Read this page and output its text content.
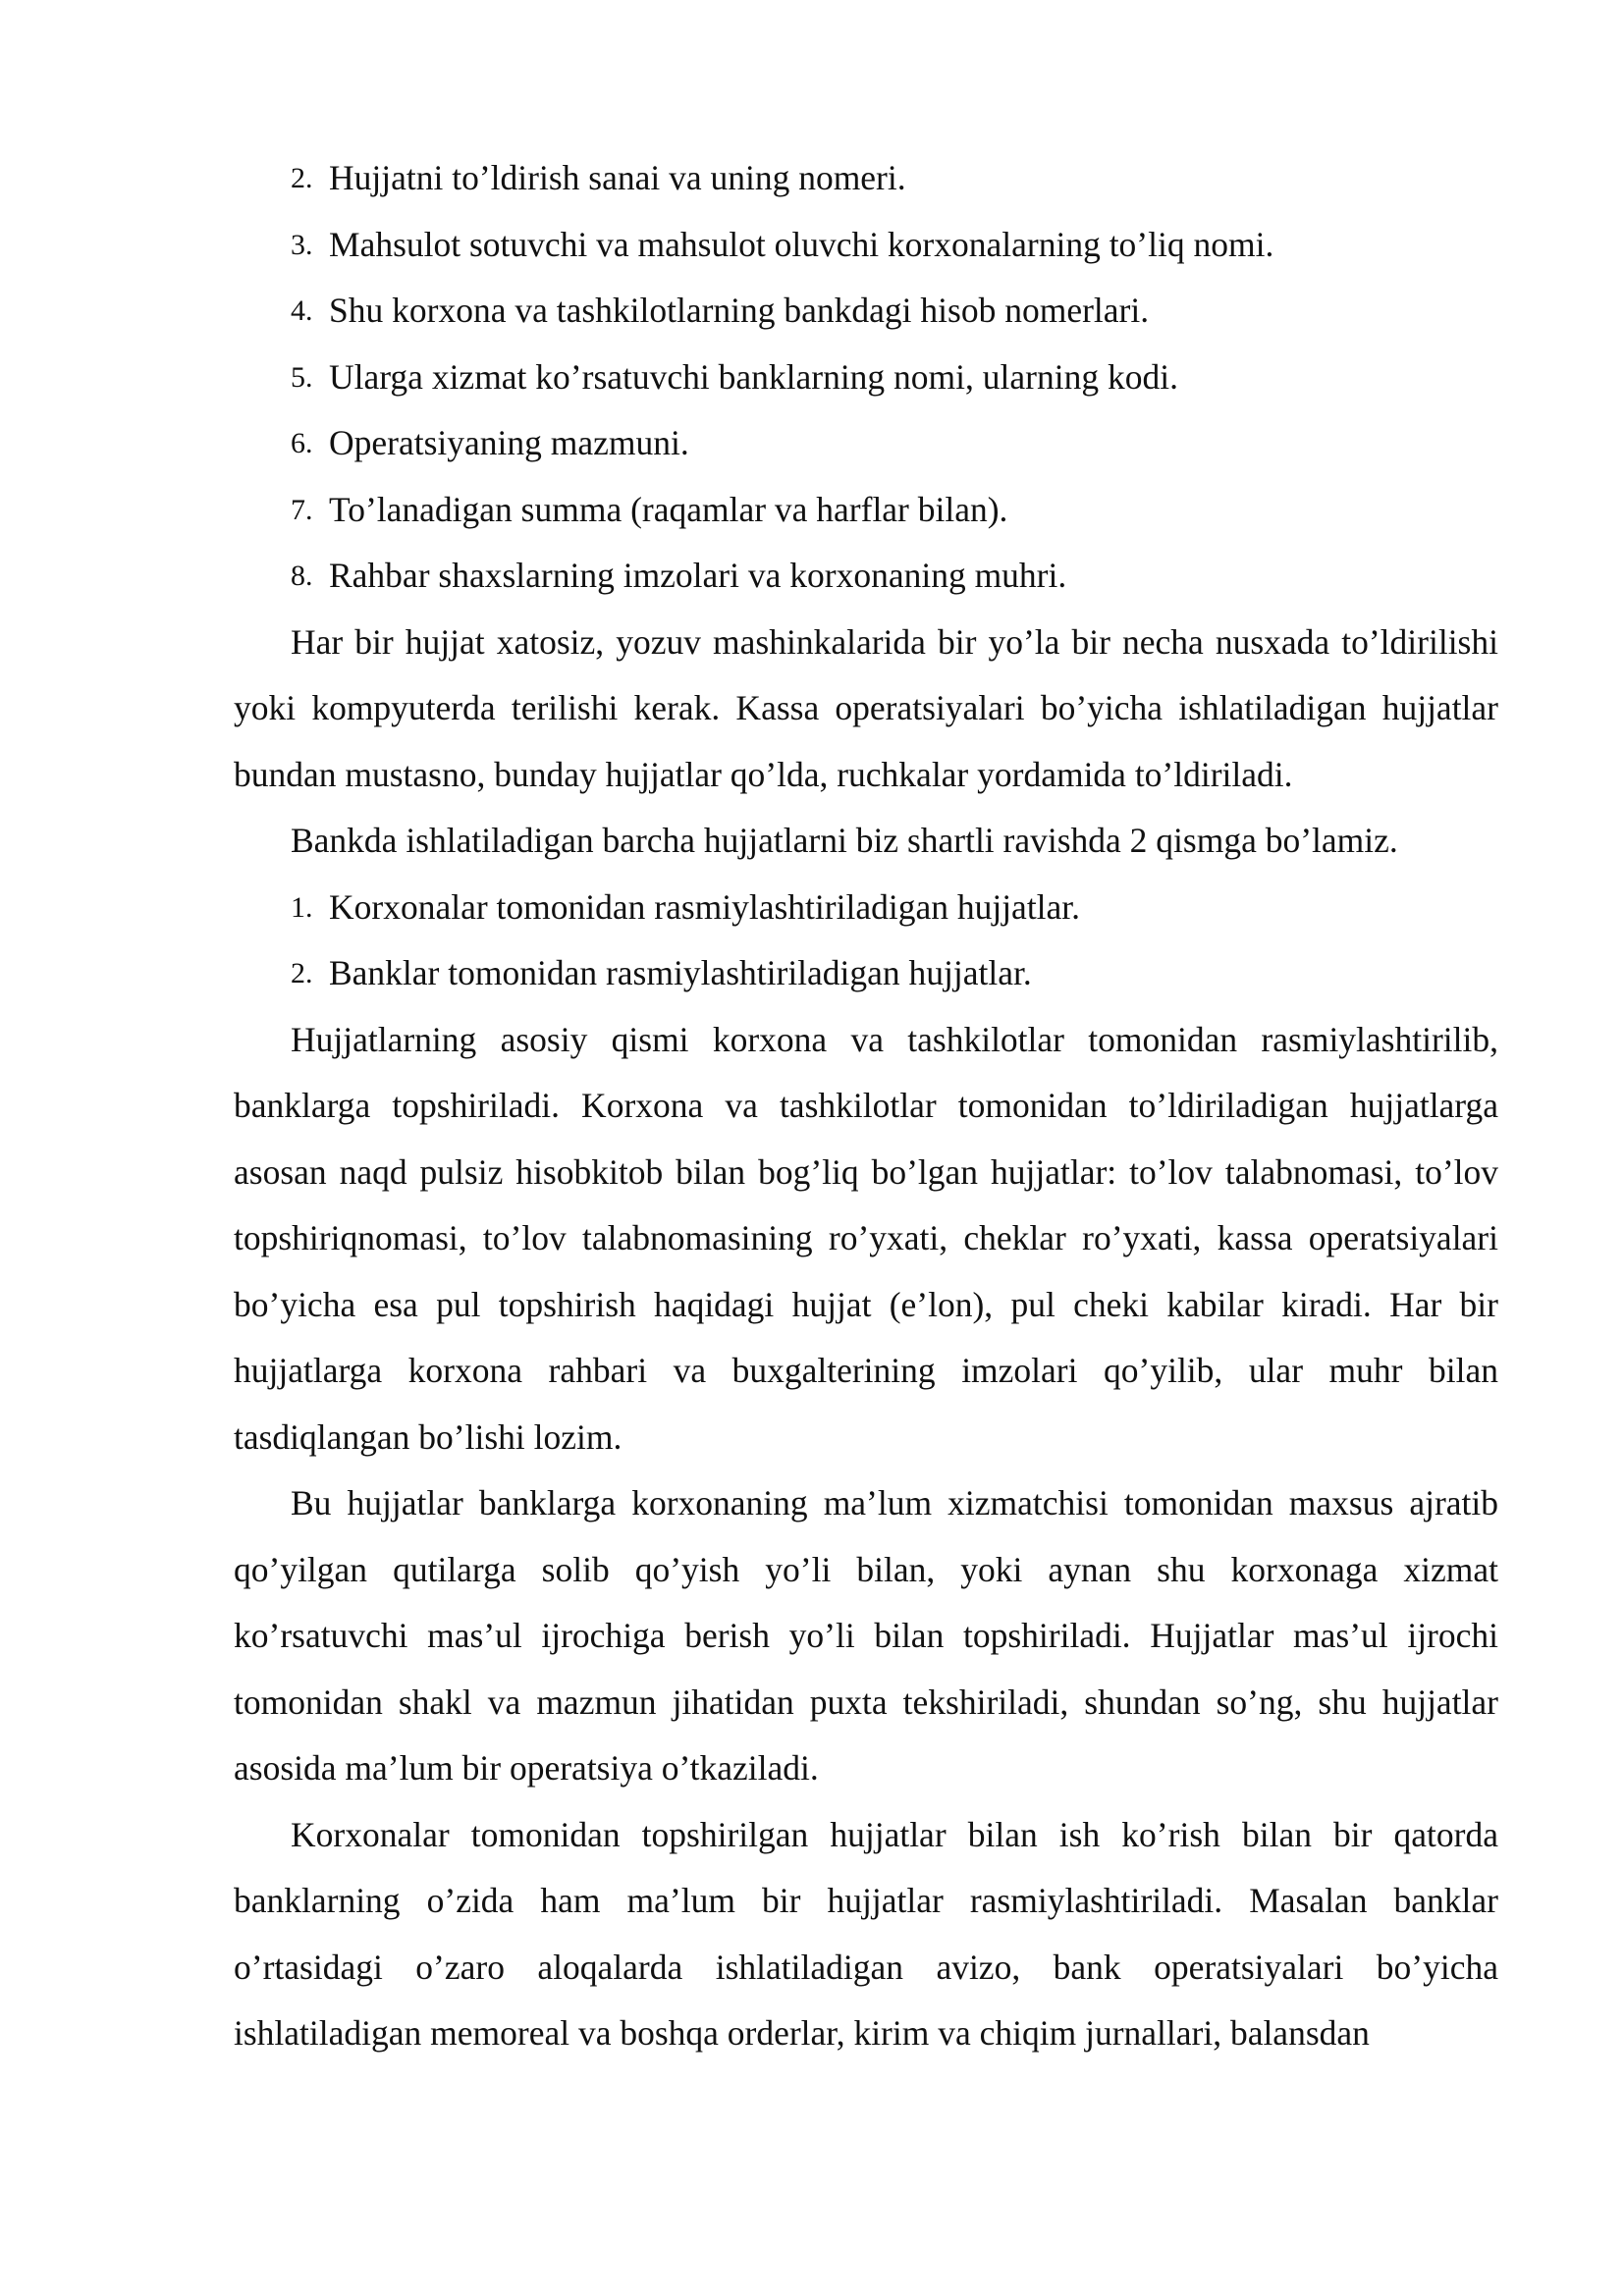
2. Hujjatni to’ldirish sanai va uning nomeri.
3. Mahsulot sotuvchi va mahsulot oluvchi korxonalarning to’liq nomi.
4. Shu korxona va tashkilotlarning bankdagi hisob nomerlari.
5. Ularga xizmat ko’rsatuvchi banklarning nomi, ularning kodi.
6. Operatsiyaning mazmuni.
7. To’lanadigan summa (raqamlar va harflar bilan).
8. Rahbar shaxslarning imzolari va korxonaning muhri.

Har bir hujjat xatosiz, yozuv mashinkalarida bir yo’la bir necha nusxada to’ldirilishi yoki kompyuterda terilishi kerak. Kassa operatsiyalari bo’yicha ishlatiladigan hujjatlar bundan mustasno, bunday hujjatlar qo’lda, ruchkalar yordamida to’ldiriladi.

Bankda ishlatiladigan barcha hujjatlarni biz shartli ravishda 2 qismga bo’lamiz.

1. Korxonalar tomonidan rasmiylashtiriladigan hujjatlar.
2. Banklar tomonidan rasmiylashtiriladigan hujjatlar.

Hujjatlarning asosiy qismi korxona va tashkilotlar tomonidan rasmiylashtirilib, banklarga topshiriladi. Korxona va tashkilotlar tomonidan to’ldiriladigan hujjatlarga asosan naqd pulsiz hisobkitob bilan bog’liq bo’lgan hujjatlar: to’lov talabnomasi, to’lov topshiriqnomasi, to’lov talabnomasining ro’yxati, cheklar ro’yxati, kassa operatsiyalari bo’yicha esa pul topshirish haqidagi hujjat (e’lon), pul cheki kabilar kiradi. Har bir hujjatlarga korxona rahbari va buxgalterining imzolari qo’yilib, ular muhr bilan tasdiqlangan bo’lishi lozim.

Bu hujjatlar banklarga korxonaning ma’lum xizmatchisi tomonidan maxsus ajratib qo’yilgan qutilarga solib qo’yish yo’li bilan, yoki aynan shu korxonaga xizmat ko’rsatuvchi mas’ul ijrochiga berish yo’li bilan topshiriladi. Hujjatlar mas’ul ijrochi tomonidan shakl va mazmun jihatidan puxta tekshiriladi, shundan so’ng, shu hujjatlar asosida ma’lum bir operatsiya o’tkaziladi.

Korxonalar tomonidan topshirilgan hujjatlar bilan ish ko’rish bilan bir qatorda banklarning o’zida ham ma’lum bir hujjatlar rasmiylashtiriladi. Masalan banklar o’rtasidagi o’zaro aloqalarda ishlatiladigan avizo, bank operatsiyalari bo’yicha ishlatiladigan memoreal va boshqa orderlar, kirim va chiqim jurnallari, balansdan
